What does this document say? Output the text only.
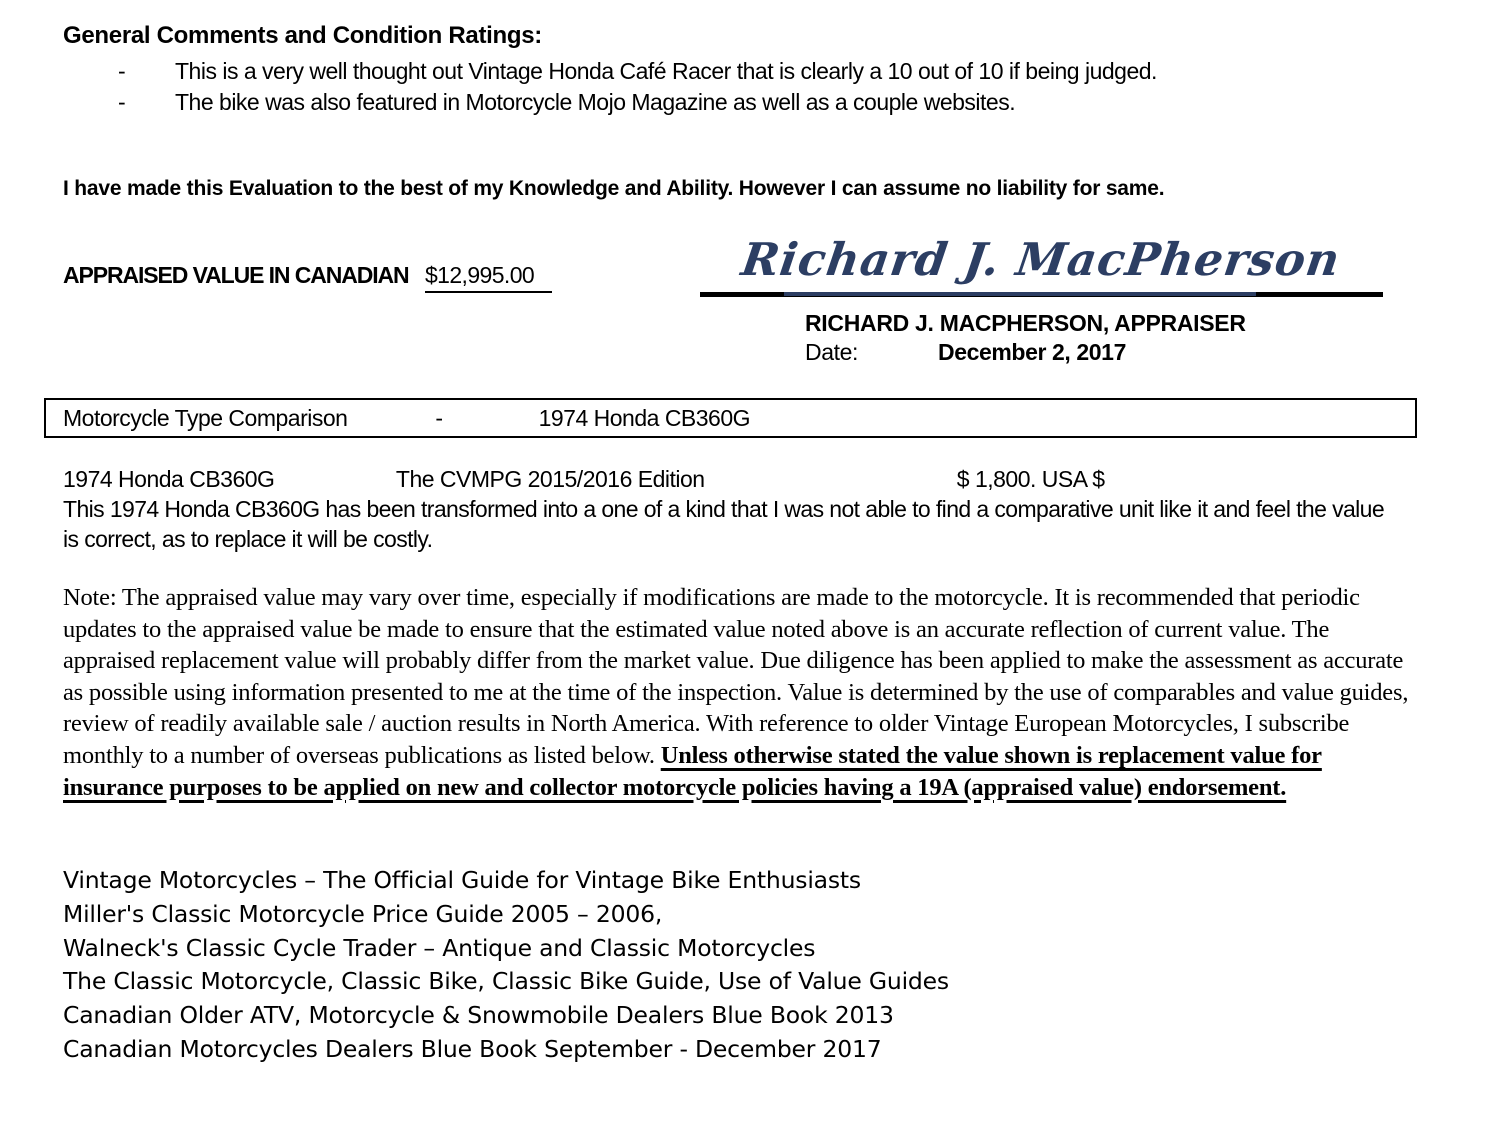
General Comments and Condition Ratings:
-	This is a very well thought out Vintage Honda Café Racer that is clearly a 10 out of 10 if being judged.
-	The bike was also featured in Motorcycle Mojo Magazine as well as a couple websites.
I have made this Evaluation to the best of my Knowledge and Ability. However I can assume no liability for same.
APPRAISED VALUE IN CANADIAN $12,995.00	Richard J. MacPherson
RICHARD J. MACPHERSON, APPRAISER
Date:	December 2, 2017
Motorcycle Type Comparison	-	1974 Honda CB360G
1974 Honda CB360G	The CVMPG 2015/2016 Edition	$ 1,800. USA $
This 1974 Honda CB360G has been transformed into a one of a kind that I was not able to find a comparative unit like it and feel the value is correct, as to replace it will be costly.
Note: The appraised value may vary over time, especially if modifications are made to the motorcycle. It is recommended that periodic updates to the appraised value be made to ensure that the estimated value noted above is an accurate reflection of current value. The appraised replacement value will probably differ from the market value. Due diligence has been applied to make the assessment as accurate as possible using information presented to me at the time of the inspection. Value is determined by the use of comparables and value guides, review of readily available sale / auction results in North America. With reference to older Vintage European Motorcycles, I subscribe monthly to a number of overseas publications as listed below. Unless otherwise stated the value shown is replacement value for insurance purposes to be applied on new and collector motorcycle policies having a 19A (appraised value) endorsement.
Vintage Motorcycles – The Official Guide for Vintage Bike Enthusiasts
Miller's Classic Motorcycle Price Guide 2005 – 2006,
Walneck's Classic Cycle Trader – Antique and Classic Motorcycles
The Classic Motorcycle, Classic Bike, Classic Bike Guide, Use of Value Guides
Canadian Older ATV, Motorcycle & Snowmobile Dealers Blue Book 2013
Canadian Motorcycles Dealers Blue Book September - December 2017
